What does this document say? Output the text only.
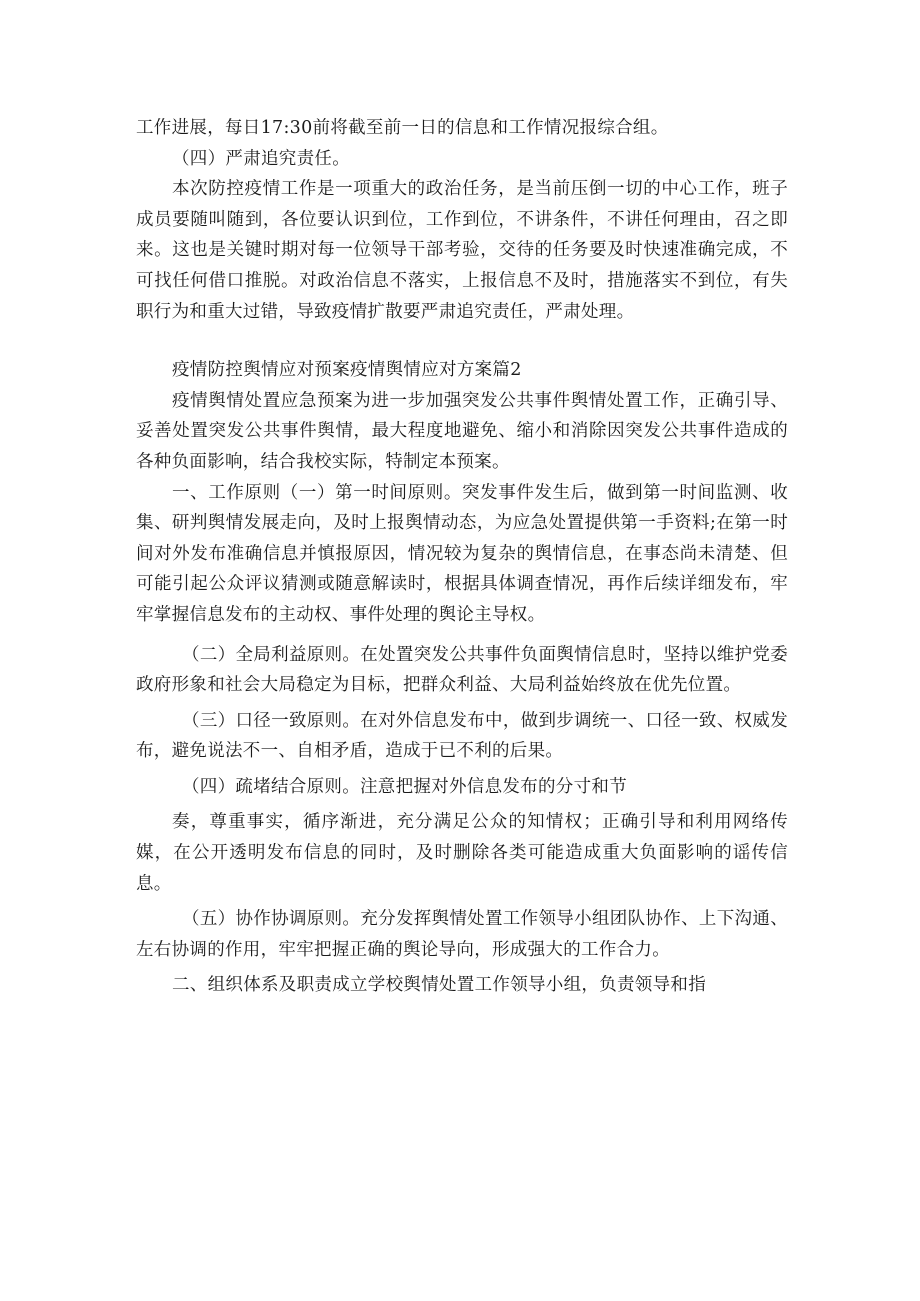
工作进展，每日17:30前将截至前一日的信息和工作情况报综合组。

（四）严肃追究责任。

本次防控疫情工作是一项重大的政治任务，是当前压倒一切的中心工作，班子成员要随叫随到，各位要认识到位，工作到位，不讲条件，不讲任何理由，召之即来。这也是关键时期对每一位领导干部考验，交待的任务要及时快速准确完成，不可找任何借口推脱。对政治信息不落实，上报信息不及时，措施落实不到位，有失职行为和重大过错，导致疫情扩散要严肃追究责任，严肃处理。

疫情防控舆情应对预案疫情舆情应对方案篇2

疫情舆情处置应急预案为进一步加强突发公共事件舆情处置工作，正确引导、妥善处置突发公共事件舆情，最大程度地避免、缩小和消除因突发公共事件造成的各种负面影响，结合我校实际，特制定本预案。

一、工作原则（一）第一时间原则。突发事件发生后，做到第一时间监测、收集、研判舆情发展走向，及时上报舆情动态，为应急处置提供第一手资料;在第一时间对外发布准确信息并慎报原因，情况较为复杂的舆情信息，在事态尚未清楚、但可能引起公众评议猜测或随意解读时，根据具体调查情况，再作后续详细发布，牢牢掌握信息发布的主动权、事件处理的舆论主导权。

（二）全局利益原则。在处置突发公共事件负面舆情信息时，坚持以维护党委政府形象和社会大局稳定为目标，把群众利益、大局利益始终放在优先位置。

（三）口径一致原则。在对外信息发布中，做到步调统一、口径一致、权威发布，避免说法不一、自相矛盾，造成于已不利的后果。

（四）疏堵结合原则。注意把握对外信息发布的分寸和节

奏，尊重事实，循序渐进，充分满足公众的知情权；正确引导和利用网络传媒，在公开透明发布信息的同时，及时删除各类可能造成重大负面影响的谣传信息。

（五）协作协调原则。充分发挥舆情处置工作领导小组团队协作、上下沟通、左右协调的作用，牢牢把握正确的舆论导向，形成强大的工作合力。

二、组织体系及职责成立学校舆情处置工作领导小组，负责领导和指
